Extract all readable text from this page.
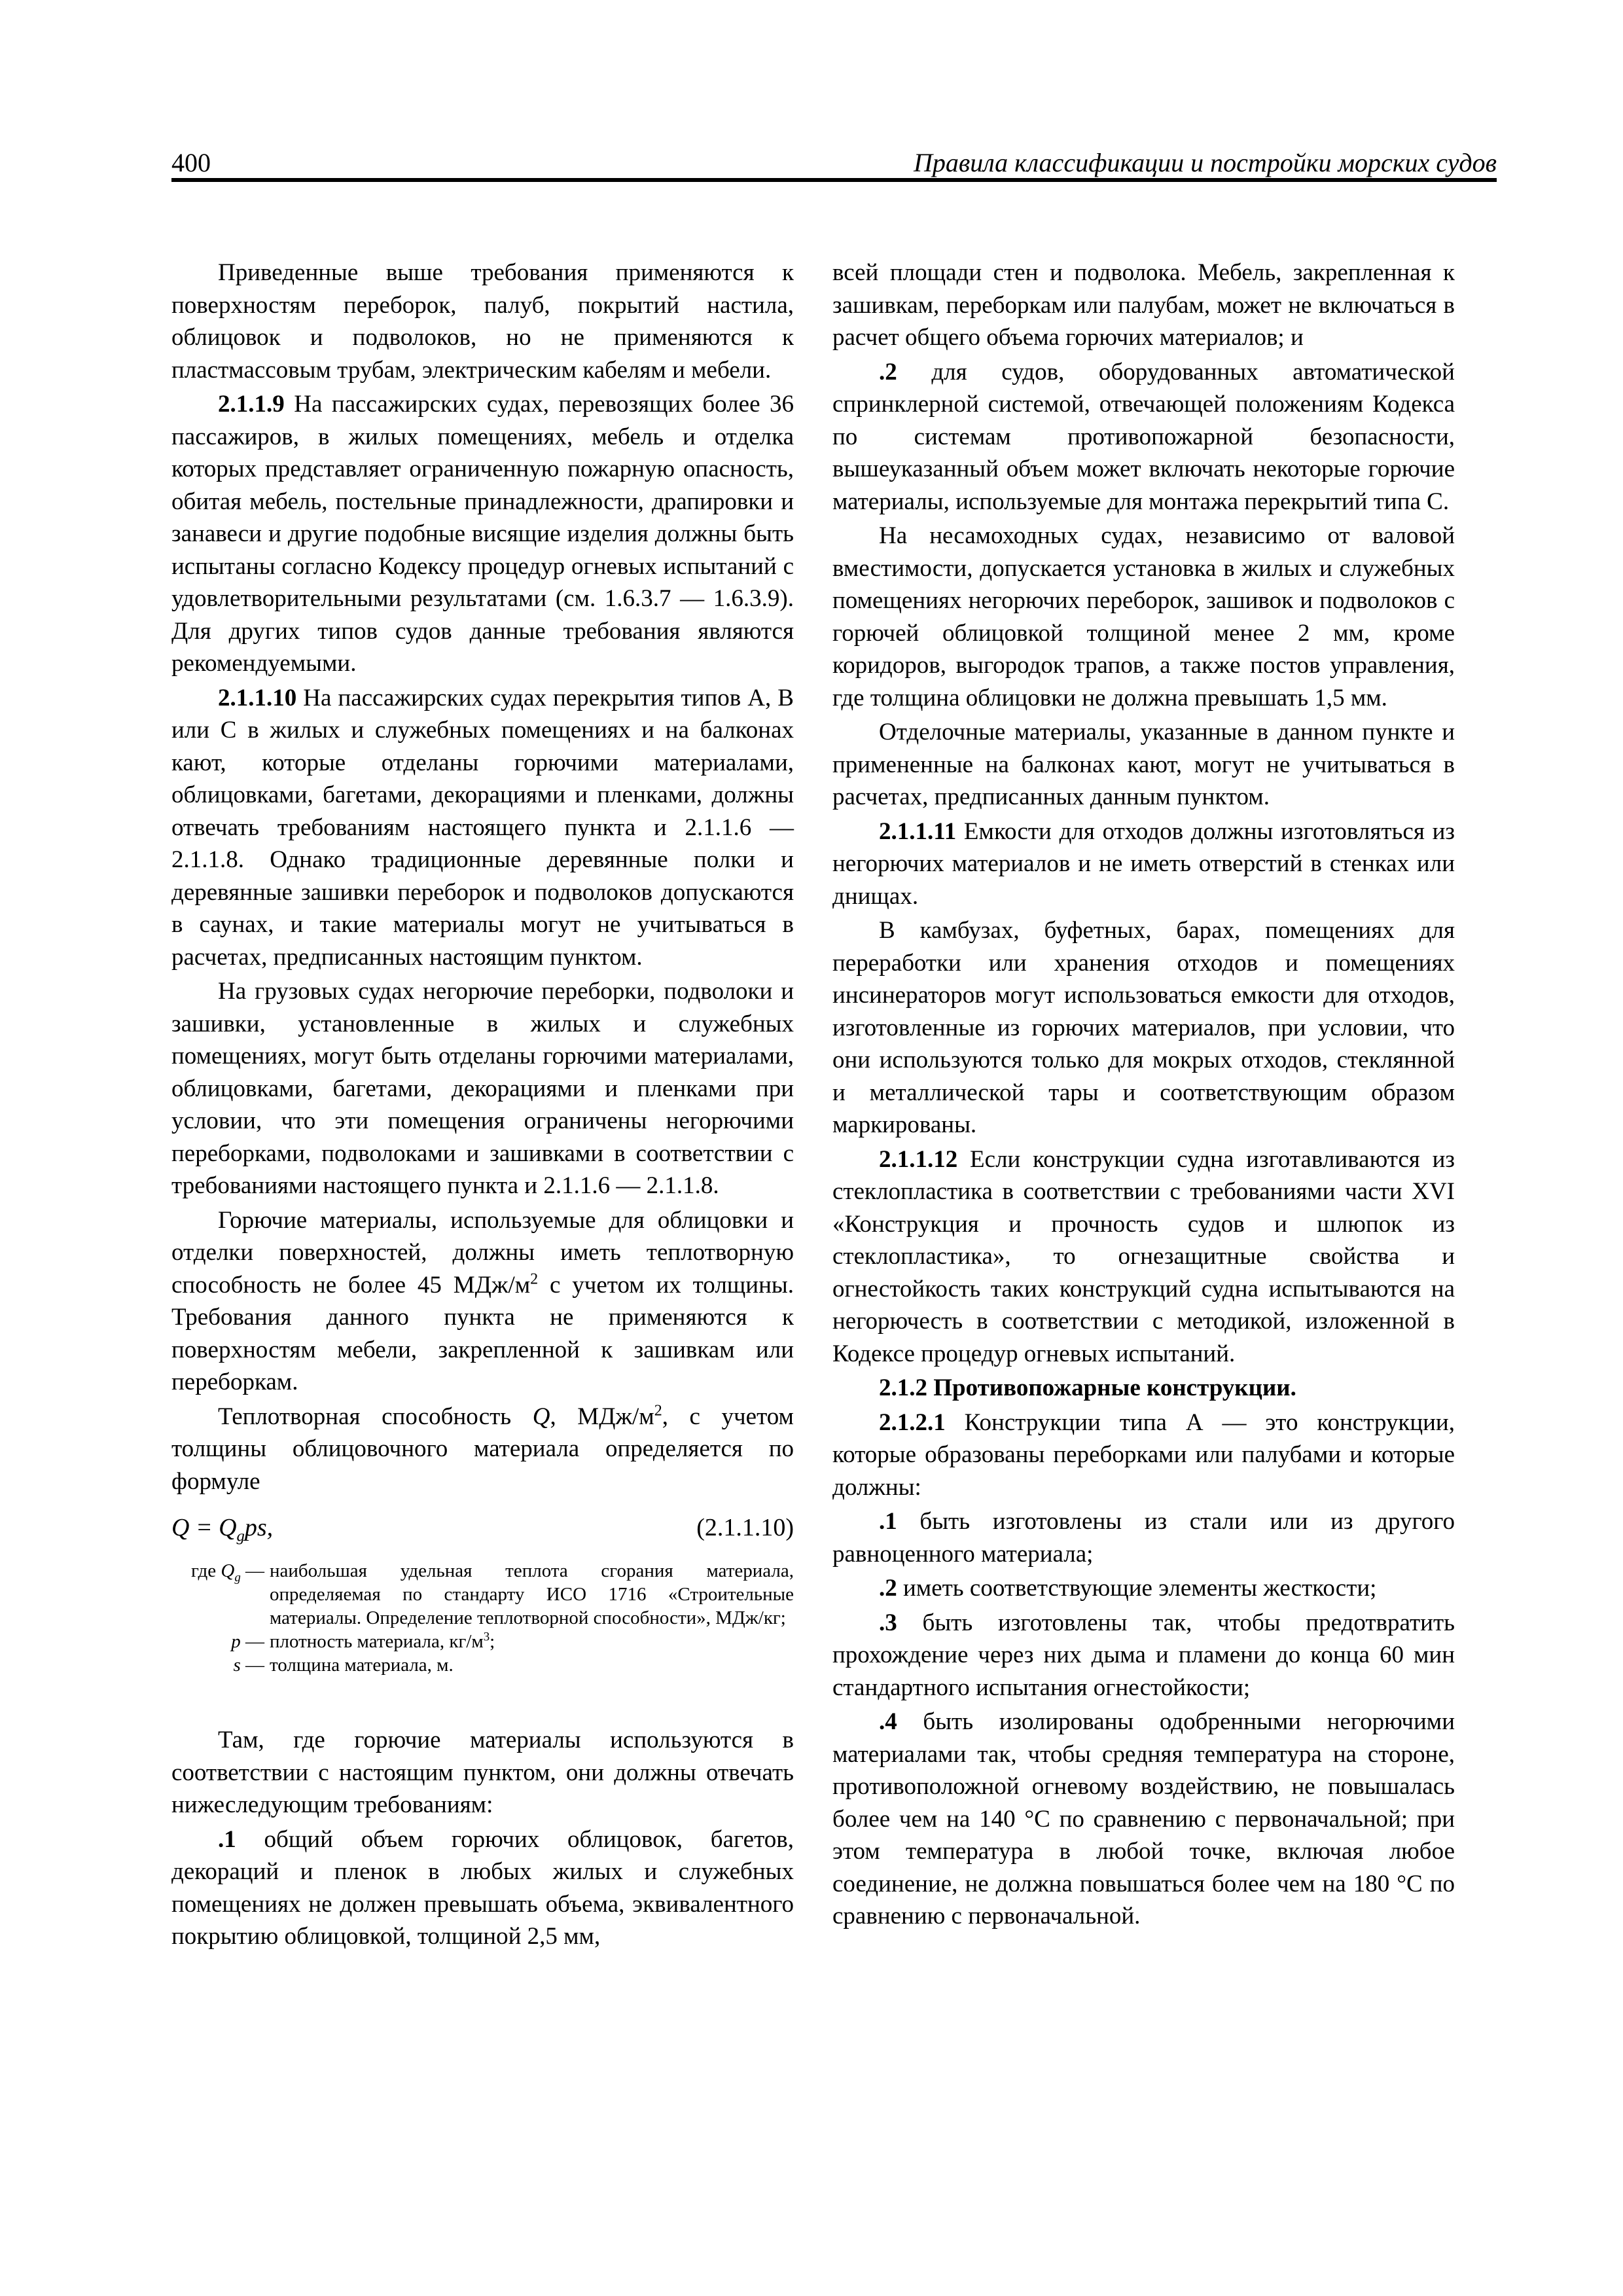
400	Правила классификации и постройки морских судов

Приведенные выше требования применяются к поверхностям переборок, палуб, покрытий настила, облицовок и подволоков, но не применяются к пластмассовым трубам, электрическим кабелям и мебели.

2.1.1.9 На пассажирских судах, перевозящих более 36 пассажиров, в жилых помещениях, мебель и отделка которых представляет ограниченную пожарную опасность, обитая мебель, постельные принадлежности, драпировки и занавеси и другие подобные висящие изделия должны быть испытаны согласно Кодексу процедур огневых испытаний с удовлетворительными результатами (см. 1.6.3.7 — 1.6.3.9). Для других типов судов данные требования являются рекомендуемыми.

2.1.1.10 На пассажирских судах перекрытия типов А, В или С в жилых и служебных помещениях и на балконах кают, которые отделаны горючими материалами, облицовками, багетами, декорациями и пленками, должны отвечать требованиям настоящего пункта и 2.1.1.6 — 2.1.1.8. Однако традиционные деревянные полки и деревянные зашивки переборок и подволоков допускаются в саунах, и такие материалы могут не учитываться в расчетах, предписанных настоящим пунктом.

На грузовых судах негорючие переборки, подволоки и зашивки, установленные в жилых и служебных помещениях, могут быть отделаны горючими материалами, облицовками, багетами, декорациями и пленками при условии, что эти помещения ограничены негорючими переборками, подволоками и зашивками в соответствии с требованиями настоящего пункта и 2.1.1.6 — 2.1.1.8.

Горючие материалы, используемые для облицовки и отделки поверхностей, должны иметь теплотворную способность не более 45 МДж/$м^2$ с учетом их толщины. Требования данного пункта не применяются к поверхностям мебели, закрепленной к зашивкам или переборкам.

Теплотворная способность Q, МДж/$м^2$, с учетом толщины облицовочного материала определяется по формуле

$Q = Q_gps$,	(2.1.1.10)
где $Q_g$ — наибольшая удельная теплота сгорания материала, определяемая по стандарту ИСО 1716 «Строительные материалы. Определение теплотворной способности», МДж/кг;
p — плотность материала, $кг/м^3$;
s — толщина материала, м.

Там, где горючие материалы используются в соответствии с настоящим пунктом, они должны отвечать нижеследующим требованиям:

.1 общий объем горючих облицовок, багетов, декораций и пленок в любых жилых и служебных помещениях не должен превышать объема, эквивалентного покрытию облицовкой, толщиной 2,5 мм,

всей площади стен и подволока. Мебель, закрепленная к зашивкам, переборкам или палубам, может не включаться в расчет общего объема горючих материалов; и

.2 для судов, оборудованных автоматической спринклерной системой, отвечающей положениям Кодекса по системам противопожарной безопасности, вышеуказанный объем может включать некоторые горючие материалы, используемые для монтажа перекрытий типа С.

На несамоходных судах, независимо от валовой вместимости, допускается установка в жилых и служебных помещениях негорючих переборок, зашивок и подволоков с горючей облицовкой толщиной менее 2 мм, кроме коридоров, выгородок трапов, а также постов управления, где толщина облицовки не должна превышать 1,5 мм.

Отделочные материалы, указанные в данном пункте и примененные на балконах кают, могут не учитываться в расчетах, предписанных данным пунктом.

2.1.1.11 Емкости для отходов должны изготовляться из негорючих материалов и не иметь отверстий в стенках или днищах.

В камбузах, буфетных, барах, помещениях для переработки или хранения отходов и помещениях инсинераторов могут использоваться емкости для отходов, изготовленные из горючих материалов, при условии, что они используются только для мокрых отходов, стеклянной и металлической тары и соответствующим образом маркированы.

2.1.1.12 Если конструкции судна изготавливаются из стеклопластика в соответствии с требованиями части XVI «Конструкция и прочность судов и шлюпок из стеклопластика», то огнезащитные свойства и огнестойкость таких конструкций судна испытываются на негорючесть в соответствии с методикой, изложенной в Кодексе процедур огневых испытаний.

2.1.2 Противопожарные конструкции.

2.1.2.1 Конструкции типа А — это конструкции, которые образованы переборками или палубами и которые должны:

.1 быть изготовлены из стали или из другого равноценного материала;

.2 иметь соответствующие элементы жесткости;

.3 быть изготовлены так, чтобы предотвратить прохождение через них дыма и пламени до конца 60 мин стандартного испытания огнестойкости;

.4 быть изолированы одобренными негорючими материалами так, чтобы средняя температура на стороне, противоположной огневому воздействию, не повышалась более чем на 140 °С по сравнению с первоначальной; при этом температура в любой точке, включая любое соединение, не должна повышаться более чем на 180 °С по сравнению с первоначальной.
